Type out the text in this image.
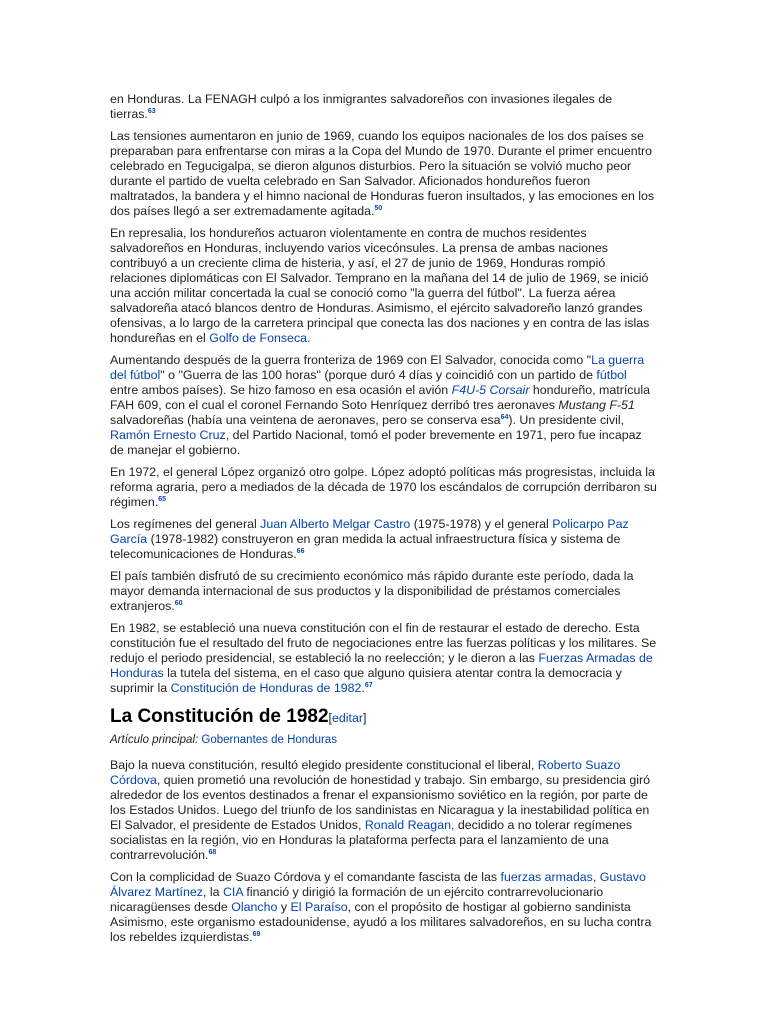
en Honduras. La FENAGH culpó a los inmigrantes salvadoreños con invasiones ilegales de tierras.$^{63}$

Las tensiones aumentaron en junio de 1969, cuando los equipos nacionales de los dos países se preparaban para enfrentarse con miras a la Copa del Mundo de 1970. Durante el primer encuentro celebrado en Tegucigalpa, se dieron algunos disturbios. Pero la situación se volvió mucho peor durante el partido de vuelta celebrado en San Salvador. Aficionados hondureños fueron maltratados, la bandera y el himno nacional de Honduras fueron insultados, y las emociones en los dos países llegó a ser extremadamente agitada.$^{50}$

En represalia, los hondureños actuaron violentamente en contra de muchos residentes salvadoreños en Honduras, incluyendo varios vicecónsules. La prensa de ambas naciones contribuyó a un creciente clima de histeria, y así, el 27 de junio de 1969, Honduras rompió relaciones diplomáticas con El Salvador. Temprano en la mañana del 14 de julio de 1969, se inició una acción militar concertada la cual se conoció como "la guerra del fútbol". La fuerza aérea salvadoreña atacó blancos dentro de Honduras. Asimismo, el ejército salvadoreño lanzó grandes ofensivas, a lo largo de la carretera principal que conecta las dos naciones y en contra de las islas hondureñas en el Golfo de Fonseca.

Aumentando después de la guerra fronteriza de 1969 con El Salvador, conocida como "La guerra del fútbol" o "Guerra de las 100 horas" (porque duró 4 días y coincidió con un partido de fútbol entre ambos países). Se hizo famoso en esa ocasión el avión F4U-5 Corsair hondureño, matrícula FAH 609, con el cual el coronel Fernando Soto Henríquez derribó tres aeronaves Mustang F-51 salvadoreñas (había una veintena de aeronaves, pero se conserva esa$^{64}$). Un presidente civil, Ramón Ernesto Cruz, del Partido Nacional, tomó el poder brevemente en 1971, pero fue incapaz de manejar el gobierno.

En 1972, el general López organizó otro golpe. López adoptó políticas más progresistas, incluida la reforma agraria, pero a mediados de la década de 1970 los escándalos de corrupción derribaron su régimen.$^{65}$

Los regímenes del general Juan Alberto Melgar Castro (1975-1978) y el general Policarpo Paz García (1978-1982) construyeron en gran medida la actual infraestructura física y sistema de telecomunicaciones de Honduras.$^{66}$

El país también disfrutó de su crecimiento económico más rápido durante este período, dada la mayor demanda internacional de sus productos y la disponibilidad de préstamos comerciales extranjeros.$^{60}$

En 1982, se estableció una nueva constitución con el fin de restaurar el estado de derecho. Esta constitución fue el resultado del fruto de negociaciones entre las fuerzas políticas y los militares. Se redujo el periodo presidencial, se estableció la no reelección; y le dieron a las Fuerzas Armadas de Honduras la tutela del sistema, en el caso que alguno quisiera atentar contra la democracia y suprimir la Constitución de Honduras de 1982.67

La Constitución de 1982[editar]
Artículo principal: Gobernantes de Honduras

Bajo la nueva constitución, resultó elegido presidente constitucional el liberal, Roberto Suazo Córdova, quien prometió una revolución de honestidad y trabajo. Sin embargo, su presidencia giró alrededor de los eventos destinados a frenar el expansionismo soviético en la región, por parte de los Estados Unidos. Luego del triunfo de los sandinistas en Nicaragua y la inestabilidad política en El Salvador, el presidente de Estados Unidos, Ronald Reagan, decidido a no tolerar regímenes socialistas en la región, vio en Honduras la plataforma perfecta para el lanzamiento de una contrarrevolución.$^{68}$

Con la complicidad de Suazo Córdova y el comandante fascista de las fuerzas armadas, Gustavo Álvarez Martínez, la CIA financió y dirigió la formación de un ejército contrarrevolucionario nicaragüenses desde Olancho y El Paraíso, con el propósito de hostigar al gobierno sandinista Asimismo, este organismo estadounidense, ayudó a los militares salvadoreños, en su lucha contra los rebeldes izquierdistas.$^{69}$
